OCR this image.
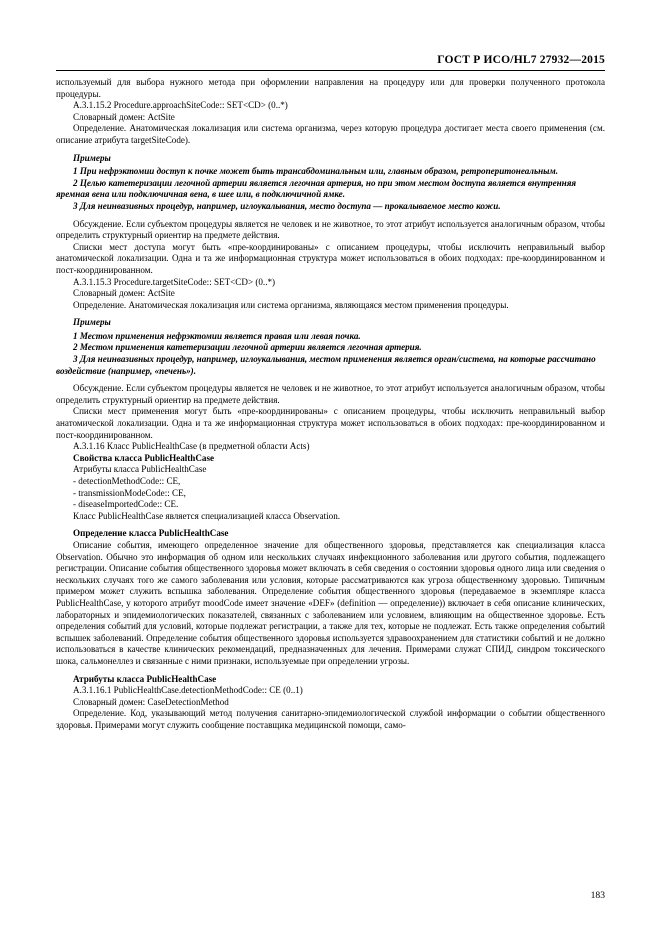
ГОСТ Р ИСО/HL7 27932—2015

используемый для выбора нужного метода при оформлении направления на процедуру или для проверки полученного протокола процедуры.

A.3.1.15.2 Procedure.approachSiteCode:: SET<CD> (0..*)

Словарный домен: ActSite

Определение. Анатомическая локализация или система организма, через которую процедура достигает места своего применения (см. описание атрибута targetSiteCode).

Примеры

1 При нефрэктомии доступ к почке может быть трансабдоминальным или, главным образом, ретроперитонеальным.

2 Целью катетеризации легочной артерии является легочная артерия, но при этом местом доступа является внутренняя яремная вена или подключичная вена, в шее или, в подключичной ямке.

3 Для неинвазивных процедур, например, иглоукалывания, место доступа — прокалываемое место кожи.

Обсуждение. Если субъектом процедуры является не человек и не животное, то этот атрибут используется аналогичным образом, чтобы определить структурный ориентир на предмете действия.

Списки мест доступа могут быть «пре-координированы» с описанием процедуры, чтобы исключить неправильный выбор анатомической локализации. Одна и та же информационная структура может использоваться в обоих подходах: пре-координированном и пост-координированном.

A.3.1.15.3 Procedure.targetSiteCode:: SET<CD> (0..*)

Словарный домен: ActSite

Определение. Анатомическая локализация или система организма, являющаяся местом применения процедуры.

Примеры

1 Местом применения нефрэктомии является правая или левая почка.

2 Местом применения катетеризации легочной артерии является легочная артерия.

3 Для неинвазивных процедур, например, иглоукалывания, местом применения является орган/система, на которые рассчитано воздействие (например, «печень»).

Обсуждение. Если субъектом процедуры является не человек и не животное, то этот атрибут используется аналогичным образом, чтобы определить структурный ориентир на предмете действия.

Списки мест применения могут быть «пре-координированы» с описанием процедуры, чтобы исключить неправильный выбор анатомической локализации. Одна и та же информационная структура может использоваться в обоих подходах: пре-координированном и пост-координированном.

A.3.1.16 Класс PublicHealthCase (в предметной области Acts)

Свойства класса PublicHealthCase

Атрибуты класса PublicHealthCase

- detectionMethodCode:: CE,

- transmissionModeCode:: CE,

- diseaseImportedCode:: CE.

Класс PublicHealthCase является специализацией класса Observation.

Определение класса PublicHealthCase

Описание события, имеющего определенное значение для общественного здоровья, представляется как специализация класса Observation. Обычно это информация об одном или нескольких случаях инфекционного заболевания или другого события, подлежащего регистрации. Описание события общественного здоровья может включать в себя сведения о состоянии здоровья одного лица или сведения о нескольких случаях того же самого заболевания или условия, которые рассматриваются как угроза общественному здоровью. Типичным примером может служить вспышка заболевания. Определение события общественного здоровья (передаваемое в экземпляре класса PublicHealthCase, у которого атрибут moodCode имеет значение «DEF» (definition — определение)) включает в себя описание клинических, лабораторных и эпидемиологических показателей, связанных с заболеванием или условием, влияющим на общественное здоровье. Есть определения событий для условий, которые подлежат регистрации, а также для тех, которые не подлежат. Есть также определения событий вспышек заболеваний. Определение события общественного здоровья используется здравоохранением для статистики событий и не должно использоваться в качестве клинических рекомендаций, предназначенных для лечения. Примерами служат СПИД, синдром токсического шока, сальмонеллез и связанные с ними признаки, используемые при определении угрозы.

Атрибуты класса PublicHealthCase

A.3.1.16.1 PublicHealthCase.detectionMethodCode:: CE (0..1)

Словарный домен: CaseDetectionMethod

Определение. Код, указывающий метод получения санитарно-эпидемиологической службой информации о событии общественного здоровья. Примерами могут служить сообщение поставщика медицинской помощи, само-

183
